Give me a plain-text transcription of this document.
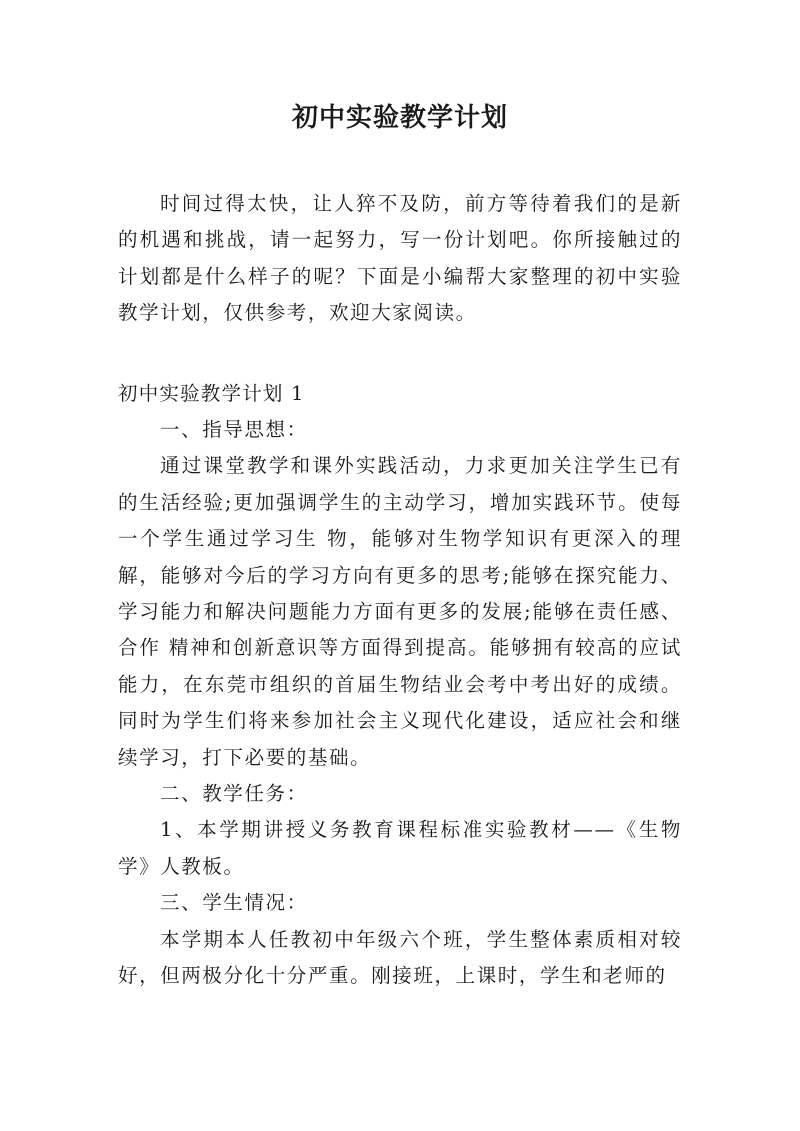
初中实验教学计划

时间过得太快，让人猝不及防，前方等待着我们的是新的机遇和挑战，请一起努力，写一份计划吧。你所接触过的计划都是什么样子的呢？下面是小编帮大家整理的初中实验教学计划，仅供参考，欢迎大家阅读。

初中实验教学计划 1

一、指导思想：

通过课堂教学和课外实践活动，力求更加关注学生已有的生活经验;更加强调学生的主动学习，增加实践环节。使每一个学生通过学习生 物，能够对生物学知识有更深入的理解，能够对今后的学习方向有更多的思考;能够在探究能力、学习能力和解决问题能力方面有更多的发展;能够在责任感、合作 精神和创新意识等方面得到提高。能够拥有较高的应试能力，在东莞市组织的首届生物结业会考中考出好的成绩。同时为学生们将来参加社会主义现代化建设，适应社会和继续学习，打下必要的基础。

二、教学任务：

1、本学期讲授义务教育课程标准实验教材——《生物学》人教板。

三、学生情况：

本学期本人任教初中年级六个班，学生整体素质相对较好，但两极分化十分严重。刚接班，上课时，学生和老师的
